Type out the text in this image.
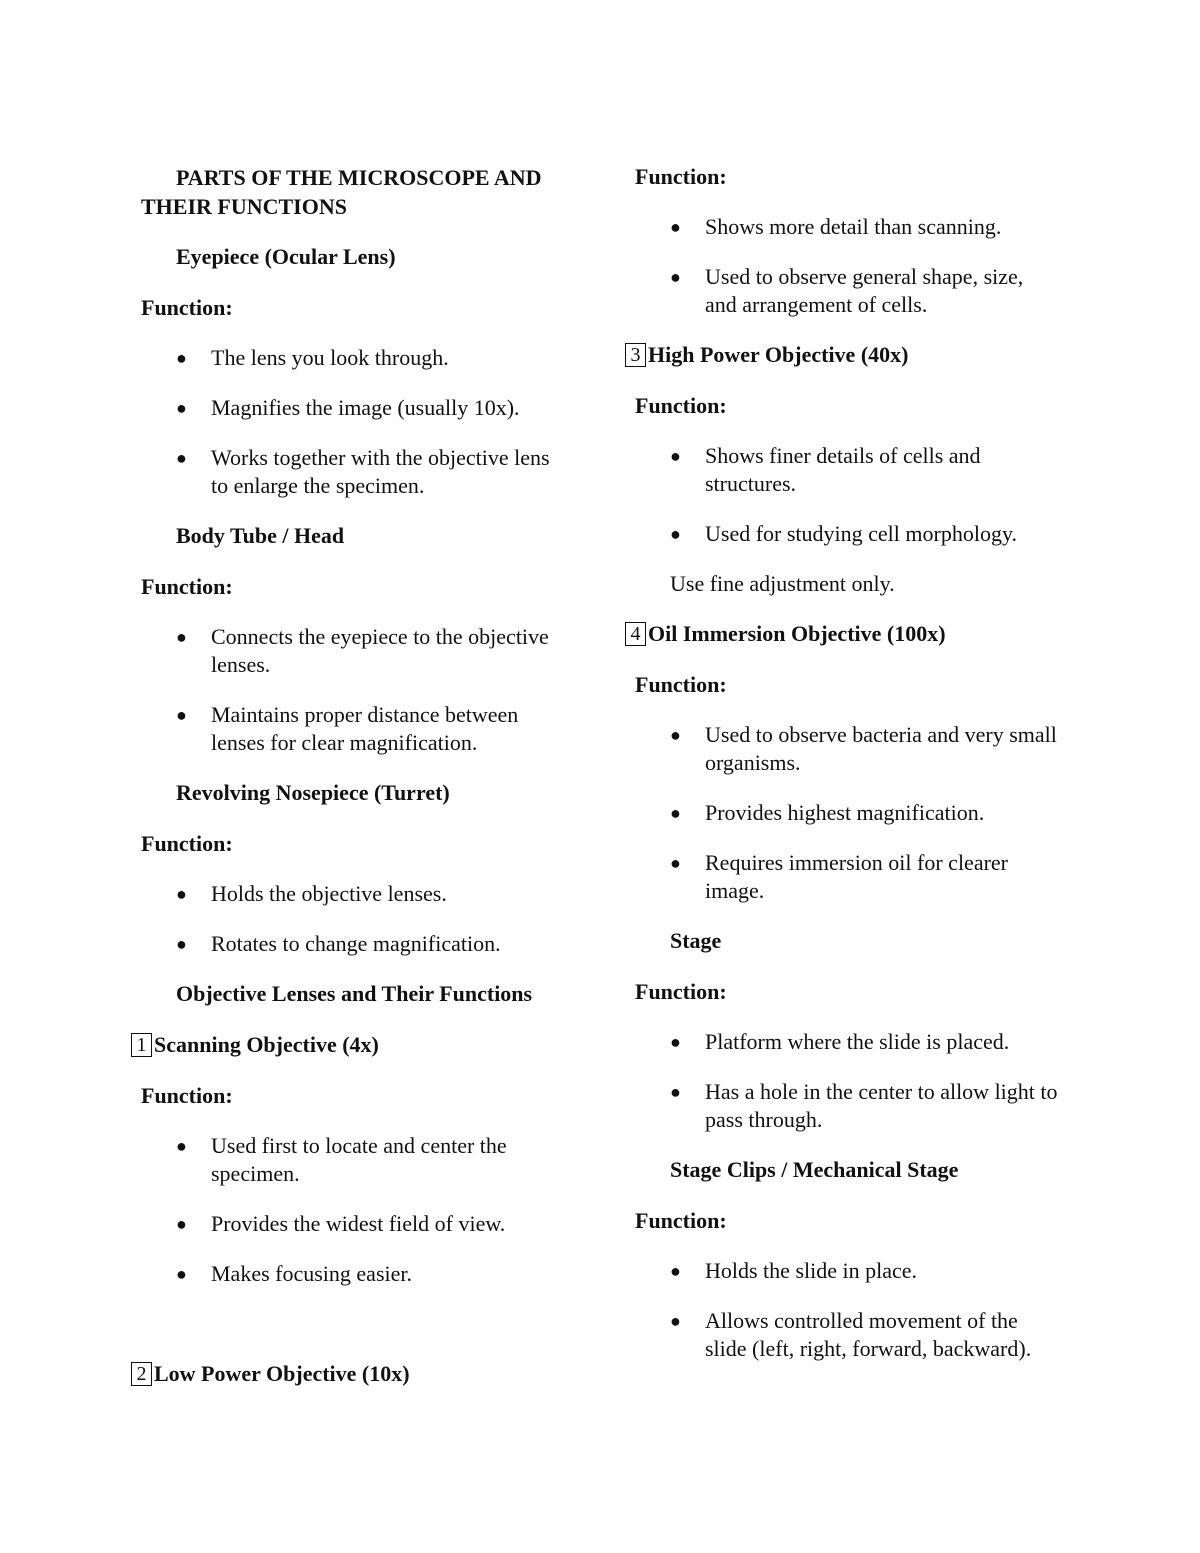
PARTS OF THE MICROSCOPE AND THEIR FUNCTIONS
Eyepiece (Ocular Lens)
Function:
● The lens you look through.
● Magnifies the image (usually 10x).
● Works together with the objective lens to enlarge the specimen.
Body Tube / Head
Function:
● Connects the eyepiece to the objective lenses.
● Maintains proper distance between lenses for clear magnification.
Revolving Nosepiece (Turret)
Function:
● Holds the objective lenses.
● Rotates to change magnification.
Objective Lenses and Their Functions
1 Scanning Objective (4x)
Function:
● Used first to locate and center the specimen.
● Provides the widest field of view.
● Makes focusing easier.
2 Low Power Objective (10x)
Function:
● Shows more detail than scanning.
● Used to observe general shape, size, and arrangement of cells.
3 High Power Objective (40x)
Function:
● Shows finer details of cells and structures.
● Used for studying cell morphology.
Use fine adjustment only.
4 Oil Immersion Objective (100x)
Function:
● Used to observe bacteria and very small organisms.
● Provides highest magnification.
● Requires immersion oil for clearer image.
Stage
Function:
● Platform where the slide is placed.
● Has a hole in the center to allow light to pass through.
Stage Clips / Mechanical Stage
Function:
● Holds the slide in place.
● Allows controlled movement of the slide (left, right, forward, backward).
